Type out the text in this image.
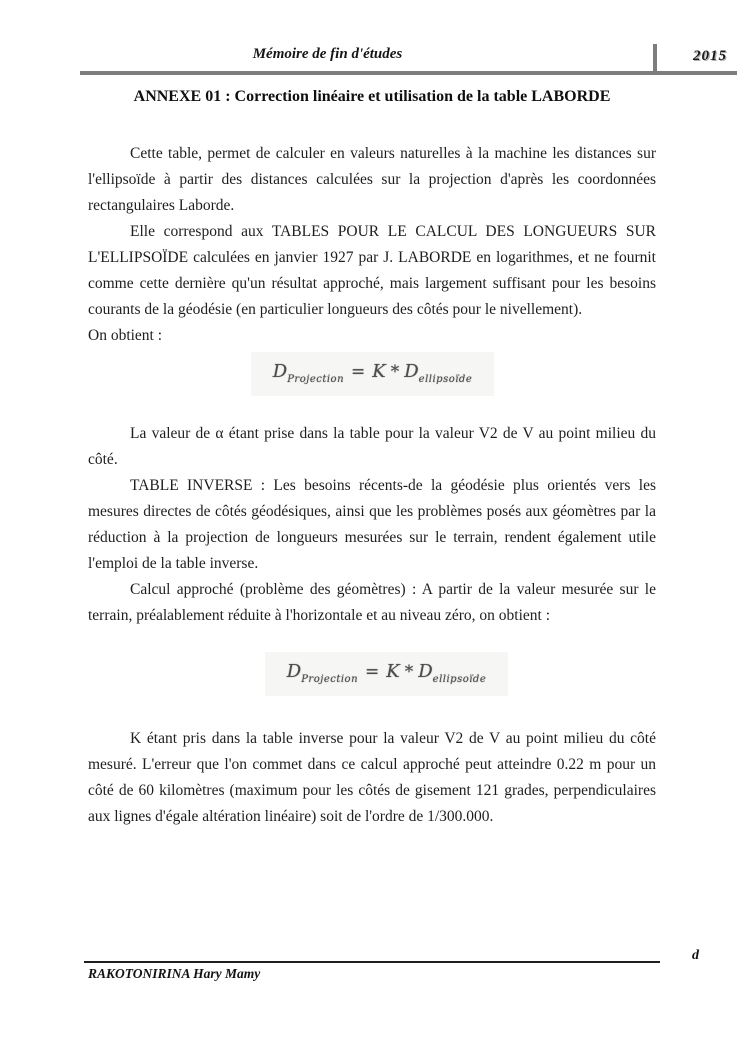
Mémoire de fin d'études	2015
ANNEXE 01 : Correction linéaire et utilisation de la table LABORDE

Cette table, permet de calculer en valeurs naturelles à la machine les distances sur l'ellipsoïde à partir des distances calculées sur la projection d'après les coordonnées rectangulaires Laborde.

Elle correspond aux TABLES POUR LE CALCUL DES LONGUEURS SUR L'ELLIPSOÏDE calculées en janvier 1927 par J. LABORDE en logarithmes, et ne fournit comme cette dernière qu'un résultat approché, mais largement suffisant pour les besoins courants de la géodésie (en particulier longueurs des côtés pour le nivellement).

On obtient :

$D_{Projection} = K * D_{ellipsoïde}$

La valeur de α étant prise dans la table pour la valeur V2 de V au point milieu du côté.

TABLE INVERSE : Les besoins récents-de la géodésie plus orientés vers les mesures directes de côtés géodésiques, ainsi que les problèmes posés aux géomètres par la réduction à la projection de longueurs mesurées sur le terrain, rendent également utile l'emploi de la table inverse.

Calcul approché (problème des géomètres) : A partir de la valeur mesurée sur le terrain, préalablement réduite à l'horizontale et au niveau zéro, on obtient :

$D_{Projection} = K * D_{ellipsoïde}$

K étant pris dans la table inverse pour la valeur V2 de V au point milieu du côté mesuré. L'erreur que l'on commet dans ce calcul approché peut atteindre 0.22 m pour un côté de 60 kilomètres (maximum pour les côtés de gisement 121 grades, perpendiculaires aux lignes d'égale altération linéaire) soit de l'ordre de 1/300.000.

d
RAKOTONIRINA Hary Mamy
